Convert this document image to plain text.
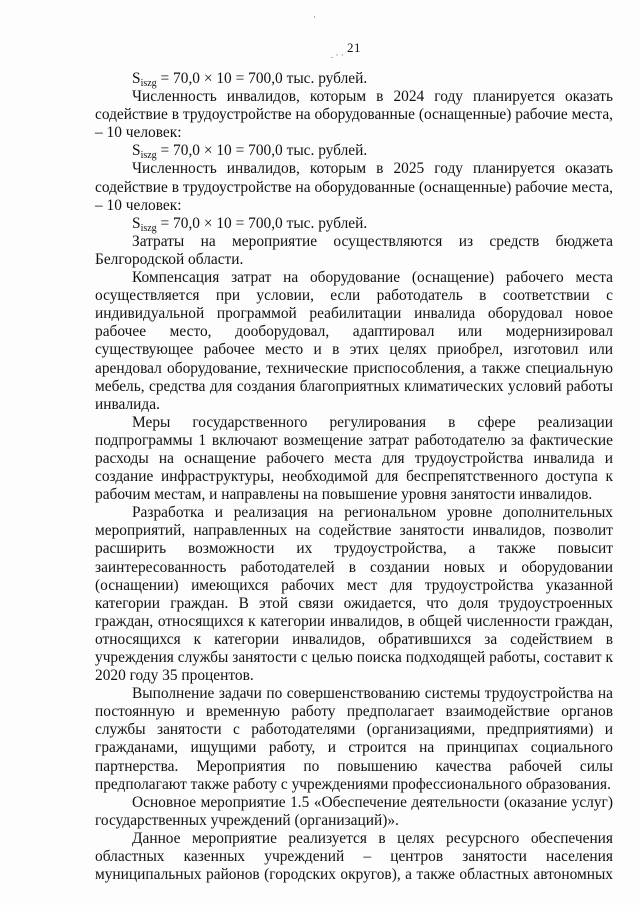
·
. · · 21

$S_{iszg} = 70,0 \times 10 = 700,0$ тыс. рублей.

Численность инвалидов, которым в 2024 году планируется оказать содействие в трудоустройстве на оборудованные (оснащенные) рабочие места, – 10 человек:

$S_{iszg} = 70,0 \times 10 = 700,0$ тыс. рублей.

Численность инвалидов, которым в 2025 году планируется оказать содействие в трудоустройстве на оборудованные (оснащенные) рабочие места, – 10 человек:

$S_{iszg} = 70,0 \times 10 = 700,0$ тыс. рублей.

Затраты на мероприятие осуществляются из средств бюджета Белгородской области.

Компенсация затрат на оборудование (оснащение) рабочего места осуществляется при условии, если работодатель в соответствии с индивидуальной программой реабилитации инвалида оборудовал новое рабочее место, дооборудовал, адаптировал или модернизировал существующее рабочее место и в этих целях приобрел, изготовил или арендовал оборудование, технические приспособления, а также специальную мебель, средства для создания благоприятных климатических условий работы инвалида.

Меры государственного регулирования в сфере реализации подпрограммы 1 включают возмещение затрат работодателю за фактические расходы на оснащение рабочего места для трудоустройства инвалида и создание инфраструктуры, необходимой для беспрепятственного доступа к рабочим местам, и направлены на повышение уровня занятости инвалидов.

Разработка и реализация на региональном уровне дополнительных мероприятий, направленных на содействие занятости инвалидов, позволит расширить возможности их трудоустройства, а также повысит заинтересованность работодателей в создании новых и оборудовании (оснащении) имеющихся рабочих мест для трудоустройства указанной категории граждан. В этой связи ожидается, что доля трудоустроенных граждан, относящихся к категории инвалидов, в общей численности граждан, относящихся к категории инвалидов, обратившихся за содействием в учреждения службы занятости с целью поиска подходящей работы, составит к 2020 году 35 процентов.

Выполнение задачи по совершенствованию системы трудоустройства на постоянную и временную работу предполагает взаимодействие органов службы занятости с работодателями (организациями, предприятиями) и гражданами, ищущими работу, и строится на принципах социального партнерства. Мероприятия по повышению качества рабочей силы предполагают также работу с учреждениями профессионального образования.

Основное мероприятие 1.5 «Обеспечение деятельности (оказание услуг) государственных учреждений (организаций)».

Данное мероприятие реализуется в целях ресурсного обеспечения областных казенных учреждений – центров занятости населения муниципальных районов (городских округов), а также областных автономных
